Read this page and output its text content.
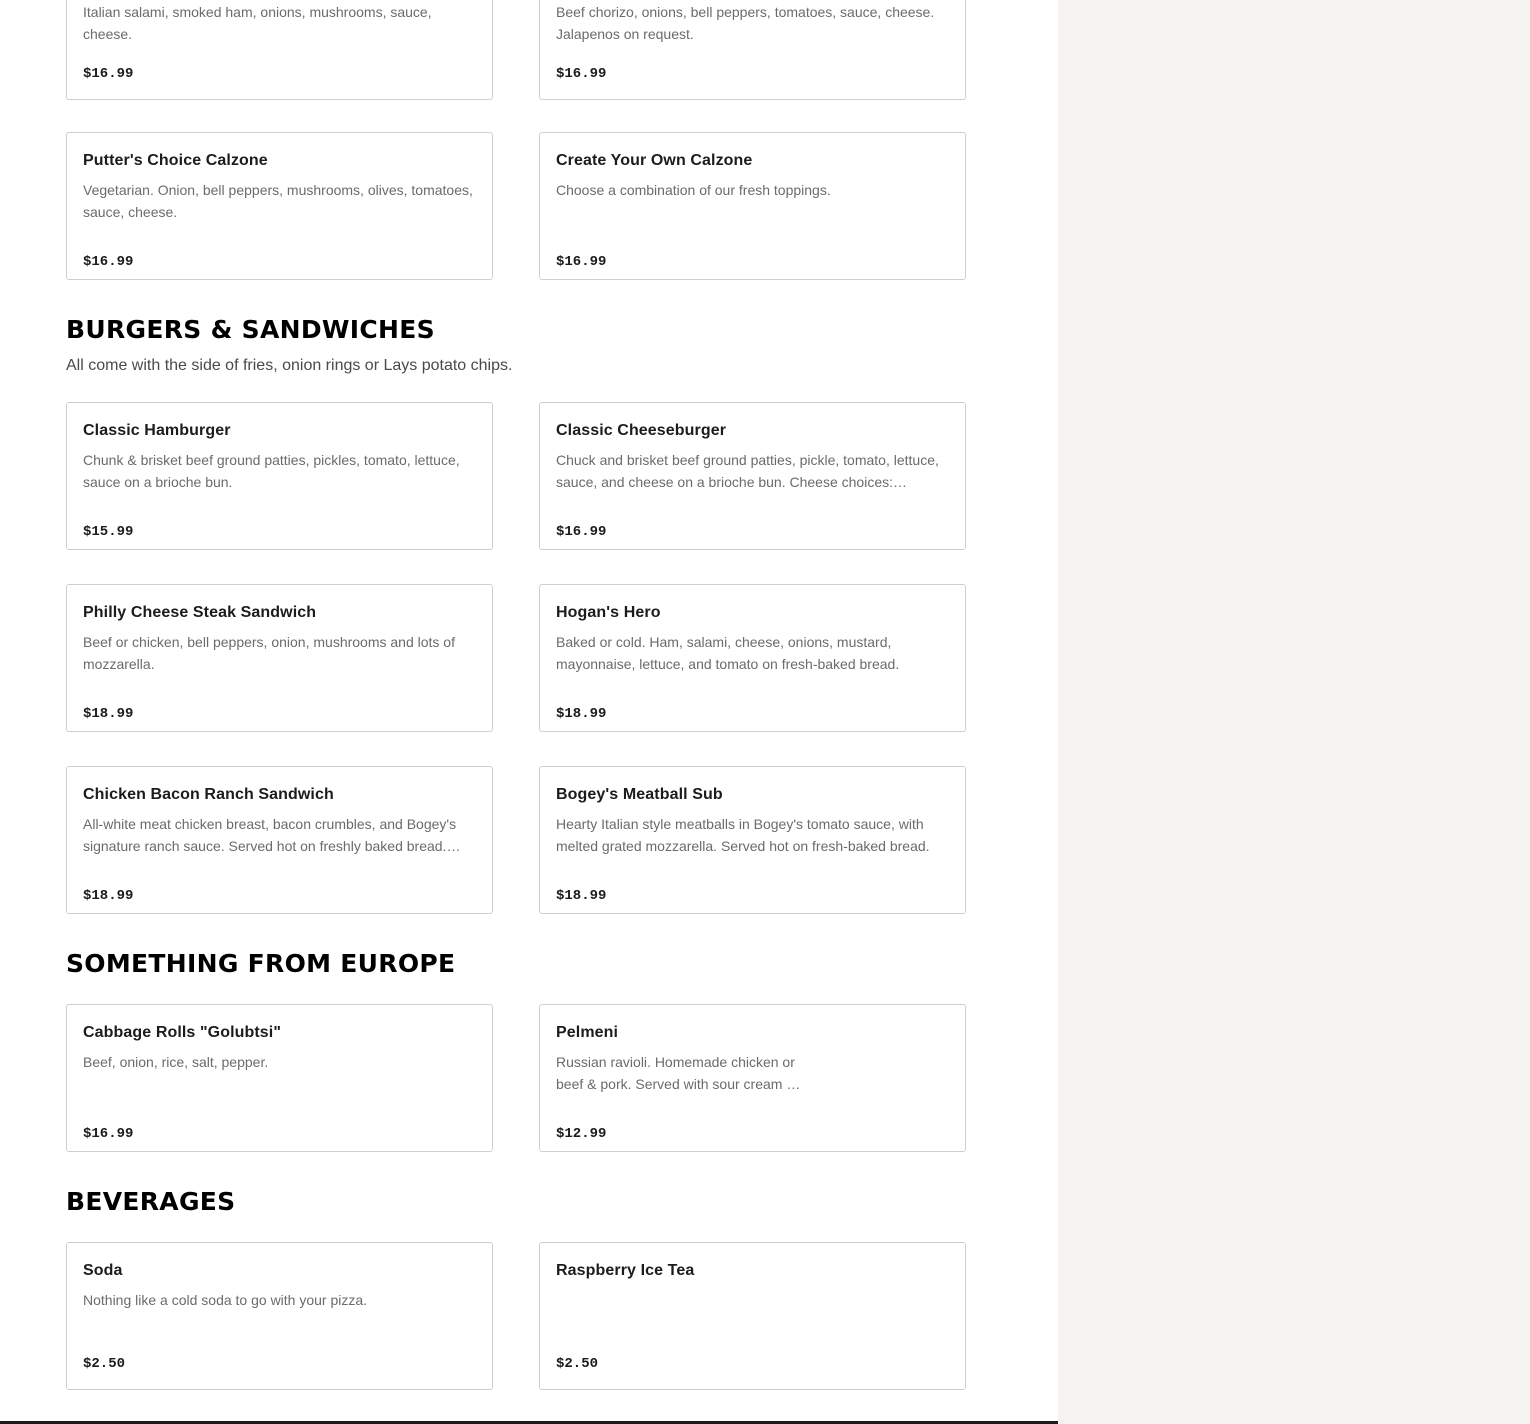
Italian salami, smoked ham, onions, mushrooms, sauce, cheese.
$16.99
Beef chorizo, onions, bell peppers, tomatoes, sauce, cheese. Jalapenos on request.
$16.99
Putter's Choice Calzone
Vegetarian. Onion, bell peppers, mushrooms, olives, tomatoes, sauce, cheese.
$16.99
Create Your Own Calzone
Choose a combination of our fresh toppings.
$16.99
BURGERS & SANDWICHES

All come with the side of fries, onion rings or Lays potato chips.

Classic Hamburger
Chunk & brisket beef ground patties, pickles, tomato, lettuce, sauce on a brioche bun.
$15.99
Classic Cheeseburger
Chuck and brisket beef ground patties, pickle, tomato, lettuce, sauce, and cheese on a brioche bun. Cheese choices:…
$16.99
Philly Cheese Steak Sandwich
Beef or chicken, bell peppers, onion, mushrooms and lots of mozzarella.
$18.99
Hogan's Hero
Baked or cold. Ham, salami, cheese, onions, mustard, mayonnaise, lettuce, and tomato on fresh-baked bread.
$18.99
Chicken Bacon Ranch Sandwich
All-white meat chicken breast, bacon crumbles, and Bogey's signature ranch sauce. Served hot on freshly baked bread.…
$18.99
Bogey's Meatball Sub
Hearty Italian style meatballs in Bogey's tomato sauce, with melted grated mozzarella. Served hot on fresh-baked bread.
$18.99
SOMETHING FROM EUROPE
Cabbage Rolls "Golubtsi"
Beef, onion, rice, salt, pepper.
$16.99
Pelmeni
Russian ravioli. Homemade chicken or beef & pork. Served with sour cream …
$12.99
BEVERAGES
Soda
Nothing like a cold soda to go with your pizza.
$2.50
Raspberry Ice Tea
$2.50
